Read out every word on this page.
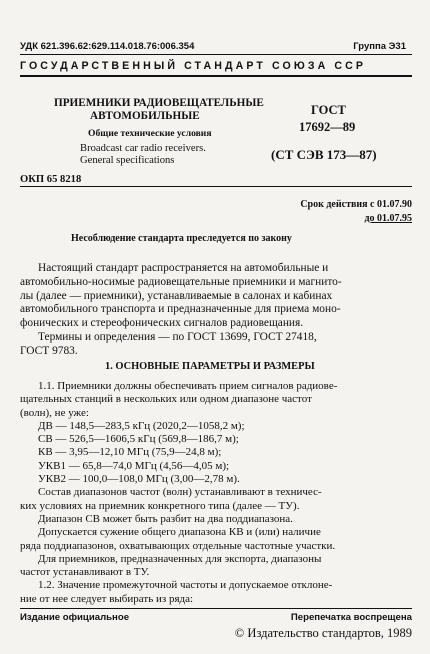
УДК 621.396.62:629.114.018.76:006.354	Группа Э31
ГОСУДАРСТВЕННЫЙ СТАНДАРТ СОЮЗА ССР
ПРИЕМНИКИ РАДИОВЕЩАТЕЛЬНЫЕ
АВТОМОБИЛЬНЫЕ
Общие технические условия
Broadcast car radio receivers.
General specifications
ОКП 65 8218
ГОСТ
17692—89
(СТ СЭВ 173—87)
Срок действия с 01.07.90
до 01.07.95
Несоблюдение стандарта преследуется по закону
Настоящий стандарт распространяется на автомобильные и
автомобильно-носимые радиовещательные приемники и магнито-
лы (далее — приемники), устанавливаемые в салонах и кабинах
автомобильного транспорта и предназначенные для приема моно-
фонических и стереофонических сигналов радиовещания.
Термины и определения — по ГОСТ 13699, ГОСТ 27418,
ГОСТ 9783.
1. ОСНОВНЫЕ ПАРАМЕТРЫ И РАЗМЕРЫ
1.1. Приемники должны обеспечивать прием сигналов радиове-
щательных станций в нескольких или одном диапазоне частот
(волн), не уже:
ДВ — 148,5—283,5 кГц (2020,2—1058,2 м);
СВ — 526,5—1606,5 кГц (569,8—186,7 м);
КВ — 3,95—12,10 МГц (75,9—24,8 м);
УКВ1 — 65,8—74,0 МГц (4,56—4,05 м);
УКВ2 — 100,0—108,0 МГц (3,00—2,78 м).
Состав диапазонов частот (волн) устанавливают в техничес-
ких условиях на приемник конкретного типа (далее — ТУ).
Диапазон СВ может быть разбит на два поддиапазона.
Допускается сужение общего диапазона КВ и (или) наличие
ряда поддиапазонов, охватывающих отдельные частотные участки.
Для приемников, предназначенных для экспорта, диапазоны
частот устанавливают в ТУ.
1.2. Значение промежуточной частоты и допускаемое отклоне-
ние от нее следует выбирать из ряда:
Издание официальное	Перепечатка воспрещена
© Издательство стандартов, 1989
